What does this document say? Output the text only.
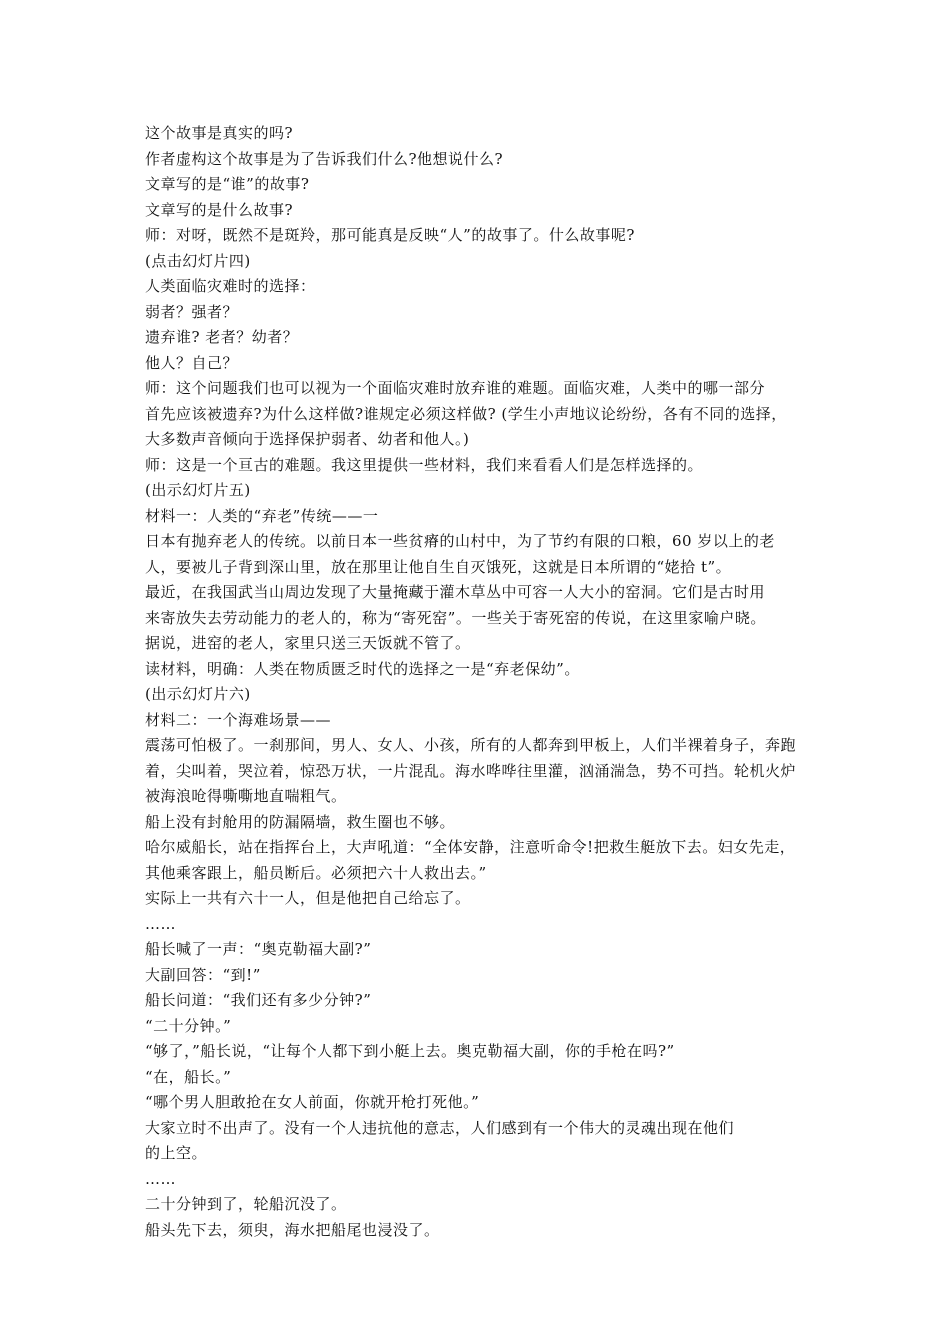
这个故事是真实的吗?
作者虚构这个故事是为了告诉我们什么?他想说什么?
文章写的是“谁”的故事?
文章写的是什么故事?
师：对呀，既然不是斑羚，那可能真是反映“人”的故事了。什么故事呢?
(点击幻灯片四)
人类面临灾难时的选择：
弱者？强者？
遗弃谁? 老者？幼者？
他人？自己？
师：这个问题我们也可以视为一个面临灾难时放弃谁的难题。面临灾难，人类中的哪一部分
首先应该被遗弃?为什么这样做?谁规定必须这样做? (学生小声地议论纷纷，各有不同的选择，
大多数声音倾向于选择保护弱者、幼者和他人。)
师：这是一个亘古的难题。我这里提供一些材料，我们来看看人们是怎样选择的。
(出示幻灯片五)
材料一：人类的“弃老”传统——一
日本有抛弃老人的传统。以前日本一些贫瘠的山村中，为了节约有限的口粮，60 岁以上的老
人，要被儿子背到深山里，放在那里让他自生自灭饿死，这就是日本所谓的“姥拾 t”。
最近，在我国武当山周边发现了大量掩藏于灌木草丛中可容一人大小的窑洞。它们是古时用
来寄放失去劳动能力的老人的，称为“寄死窑”。一些关于寄死窑的传说，在这里家喻户晓。
据说，进窑的老人，家里只送三天饭就不管了。
读材料，明确：人类在物质匮乏时代的选择之一是“弃老保幼”。
(出示幻灯片六)
材料二：一个海难场景——
震荡可怕极了。一刹那间，男人、女人、小孩，所有的人都奔到甲板上，人们半裸着身子，奔跑
着，尖叫着，哭泣着，惊恐万状，一片混乱。海水哗哗往里灌，汹涌湍急，势不可挡。轮机火炉
被海浪呛得嘶嘶地直喘粗气。
船上没有封舱用的防漏隔墙，救生圈也不够。
哈尔威船长，站在指挥台上，大声吼道：“全体安静，注意听命令!把救生艇放下去。妇女先走，
其他乘客跟上，船员断后。必须把六十人救出去。”
实际上一共有六十一人，但是他把自己给忘了。
……
船长喊了一声：“奥克勒福大副?”
大副回答：“到!”
船长问道：“我们还有多少分钟?”
“二十分钟。”
“够了，”船长说，“让每个人都下到小艇上去。奥克勒福大副，你的手枪在吗?”
“在，船长。”
“哪个男人胆敢抢在女人前面，你就开枪打死他。”
大家立时不出声了。没有一个人违抗他的意志，人们感到有一个伟大的灵魂出现在他们
的上空。
……
二十分钟到了，轮船沉没了。
船头先下去，须臾，海水把船尾也浸没了。
